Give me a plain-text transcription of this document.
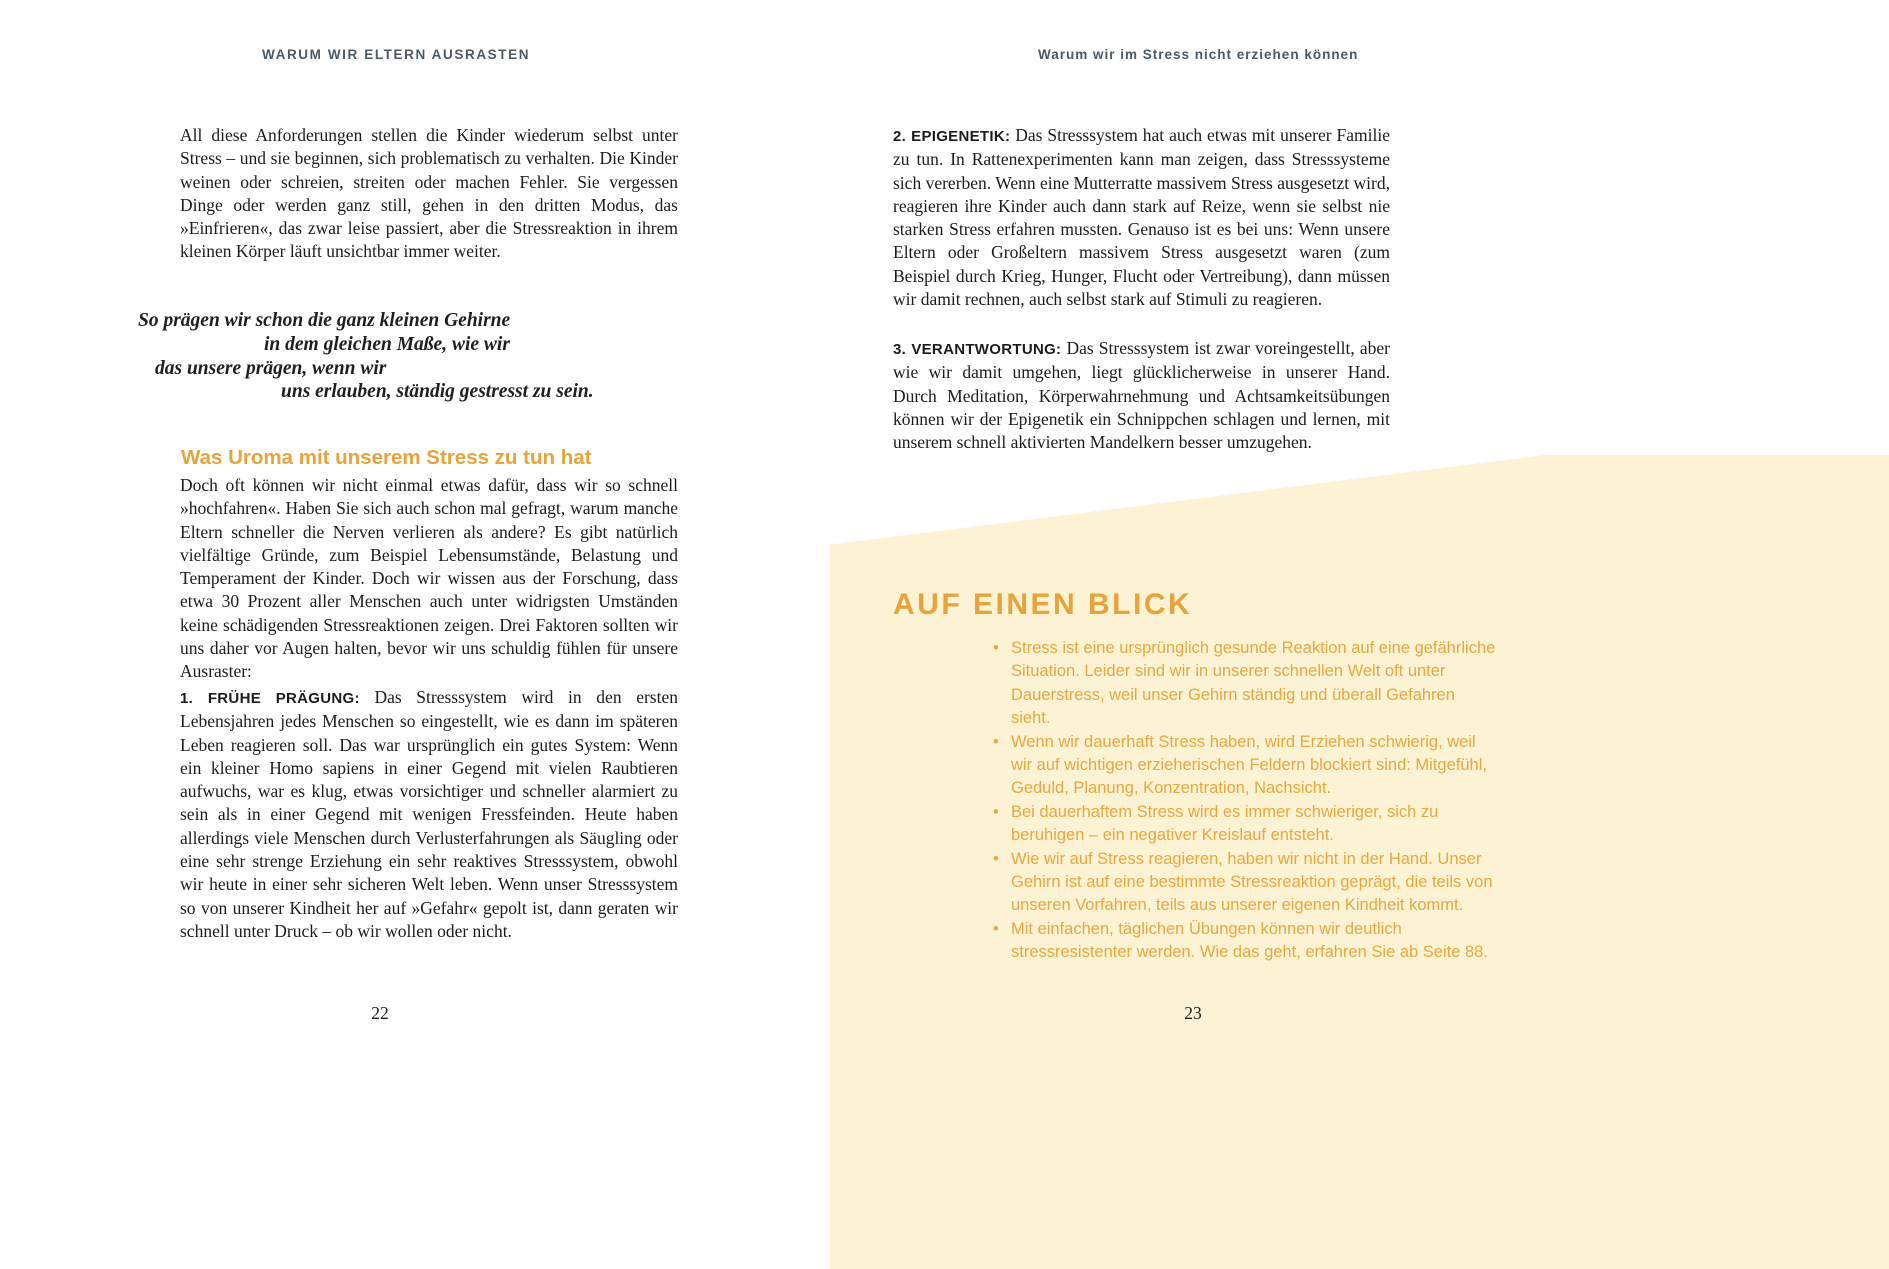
WARUM WIR ELTERN AUSRASTEN
All diese Anforderungen stellen die Kinder wiederum selbst unter Stress – und sie beginnen, sich problematisch zu verhalten. Die Kinder weinen oder schreien, streiten oder machen Fehler. Sie vergessen Dinge oder werden ganz still, gehen in den dritten Modus, das »Einfrieren«, das zwar leise passiert, aber die Stressreaktion in ihrem kleinen Körper läuft unsichtbar immer weiter.
So prägen wir schon die ganz kleinen Gehirne
in dem gleichen Maße, wie wir
das unsere prägen, wenn wir
uns erlauben, ständig gestresst zu sein.
Was Uroma mit unserem Stress zu tun hat
Doch oft können wir nicht einmal etwas dafür, dass wir so schnell »hochfahren«. Haben Sie sich auch schon mal gefragt, warum manche Eltern schneller die Nerven verlieren als andere? Es gibt natürlich vielfältige Gründe, zum Beispiel Lebensumstände, Belastung und Temperament der Kinder. Doch wir wissen aus der Forschung, dass etwa 30 Prozent aller Menschen auch unter widrigsten Umständen keine schädigenden Stressreaktionen zeigen. Drei Faktoren sollten wir uns daher vor Augen halten, bevor wir uns schuldig fühlen für unsere Ausraster:
1. FRÜHE PRÄGUNG: Das Stresssystem wird in den ersten Lebensjahren jedes Menschen so eingestellt, wie es dann im späteren Leben reagieren soll. Das war ursprünglich ein gutes System: Wenn ein kleiner Homo sapiens in einer Gegend mit vielen Raubtieren aufwuchs, war es klug, etwas vorsichtiger und schneller alarmiert zu sein als in einer Gegend mit wenigen Fressfeinden. Heute haben allerdings viele Menschen durch Verlusterfahrungen als Säugling oder eine sehr strenge Erziehung ein sehr reaktives Stresssystem, obwohl wir heute in einer sehr sicheren Welt leben. Wenn unser Stresssystem so von unserer Kindheit her auf »Gefahr« gepolt ist, dann geraten wir schnell unter Druck – ob wir wollen oder nicht.
22
Warum wir im Stress nicht erziehen können
2. EPIGENETIK: Das Stresssystem hat auch etwas mit unserer Familie zu tun. In Rattenexperimenten kann man zeigen, dass Stresssysteme sich vererben. Wenn eine Mutterratte massivem Stress ausgesetzt wird, reagieren ihre Kinder auch dann stark auf Reize, wenn sie selbst nie starken Stress erfahren mussten. Genauso ist es bei uns: Wenn unsere Eltern oder Großeltern massivem Stress ausgesetzt waren (zum Beispiel durch Krieg, Hunger, Flucht oder Vertreibung), dann müssen wir damit rechnen, auch selbst stark auf Stimuli zu reagieren.
3. VERANTWORTUNG: Das Stresssystem ist zwar voreingestellt, aber wie wir damit umgehen, liegt glücklicherweise in unserer Hand. Durch Meditation, Körperwahrnehmung und Achtsamkeitsübungen können wir der Epigenetik ein Schnippchen schlagen und lernen, mit unserem schnell aktivierten Mandelkern besser umzugehen.
AUF EINEN BLICK
• Stress ist eine ursprünglich gesunde Reaktion auf eine gefährliche Situation. Leider sind wir in unserer schnellen Welt oft unter Dauerstress, weil unser Gehirn ständig und überall Gefahren sieht.
• Wenn wir dauerhaft Stress haben, wird Erziehen schwierig, weil wir auf wichtigen erzieherischen Feldern blockiert sind: Mitgefühl, Geduld, Planung, Konzentration, Nachsicht.
• Bei dauerhaftem Stress wird es immer schwieriger, sich zu beruhigen – ein negativer Kreislauf entsteht.
• Wie wir auf Stress reagieren, haben wir nicht in der Hand. Unser Gehirn ist auf eine bestimmte Stressreaktion geprägt, die teils von unseren Vorfahren, teils aus unserer eigenen Kindheit kommt.
• Mit einfachen, täglichen Übungen können wir deutlich stressresistenter werden. Wie das geht, erfahren Sie ab Seite 88.
23
